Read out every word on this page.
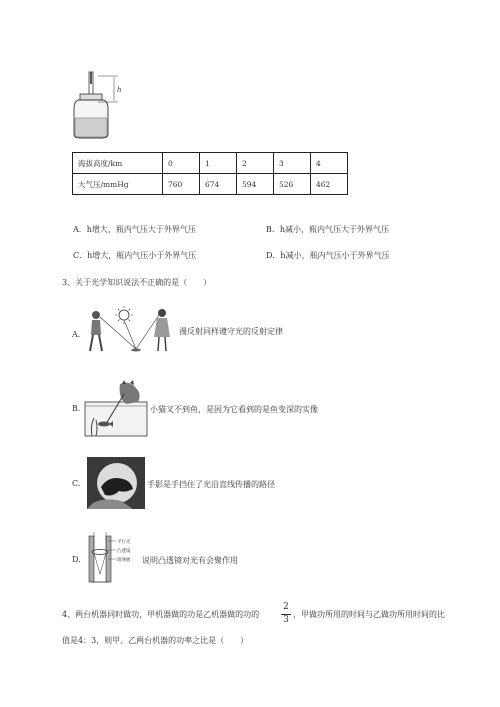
h
海拔高度/km	0	1	2	3	4
大气压/mmHg	760	674	594	526	462
A．h增大，瓶内气压大于外界气压	B．h减小，瓶内气压大于外界气压
C．h增大，瓶内气压小于外界气压	D．h减小，瓶内气压小于外界气压
3、关于光学知识说法不正确的是（　　）
A.	漫反射同样遵守光的反射定律
B.	小猫叉不到鱼，是因为它看到的是鱼变深的实像
C.	手影是手挡住了光沿直线传播的路径
D.
平行光
凸透镜
玻璃板 说明凸透镜对光有会聚作用
4、两台机器同时做功，甲机器做的功是乙机器做的功的
2
3
，甲做功所用的时间与乙做功所用时间的比
值是4：3，则甲、乙两台机器的功率之比是（　　）
